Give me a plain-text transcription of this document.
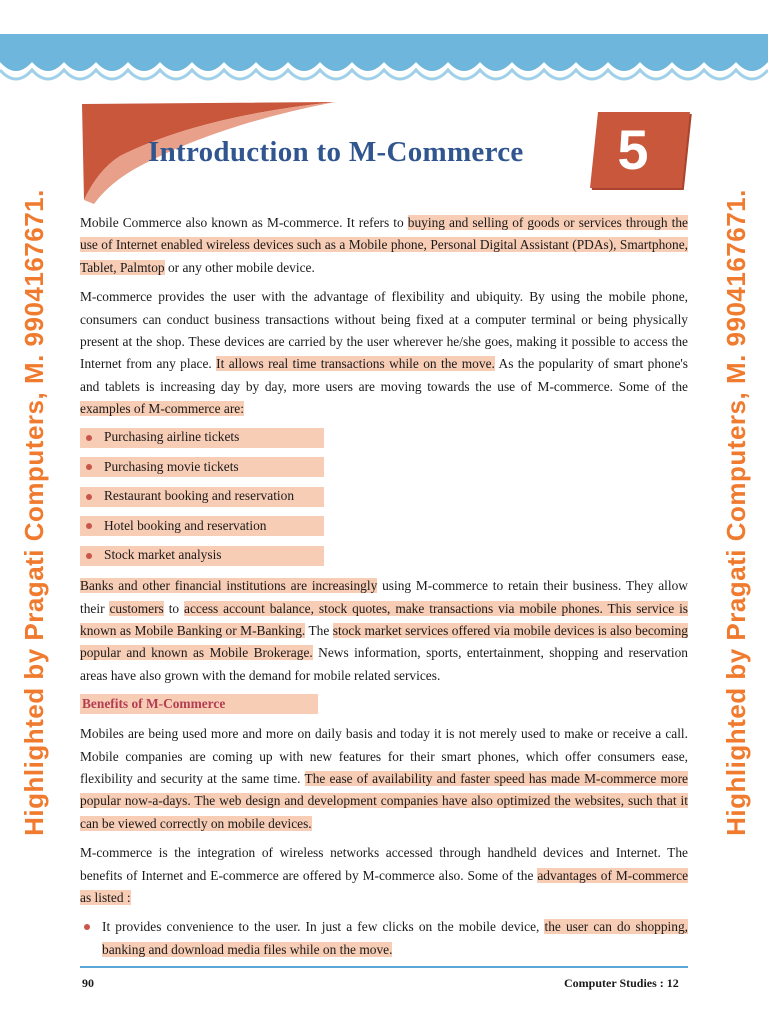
Highlighted by Pragati Computers, M. 9904167671.	Highlighted by Pragati Computers, M. 9904167671.
Introduction to M-Commerce	5

Mobile Commerce also known as M-commerce. It refers to buying and selling of goods or services through the use of Internet enabled wireless devices such as a Mobile phone, Personal Digital Assistant (PDAs), Smartphone, Tablet, Palmtop or any other mobile device.

M-commerce provides the user with the advantage of flexibility and ubiquity. By using the mobile phone, consumers can conduct business transactions without being fixed at a computer terminal or being physically present at the shop. These devices are carried by the user wherever he/she goes, making it possible to access the Internet from any place. It allows real time transactions while on the move. As the popularity of smart phone's and tablets is increasing day by day, more users are moving towards the use of M-commerce. Some of the examples of M-commerce are:

Purchasing airline tickets
Purchasing movie tickets
Restaurant booking and reservation
Hotel booking and reservation
Stock market analysis

Banks and other financial institutions are increasingly using M-commerce to retain their business. They allow their customers to access account balance, stock quotes, make transactions via mobile phones. This service is known as Mobile Banking or M-Banking. The stock market services offered via mobile devices is also becoming popular and known as Mobile Brokerage. News information, sports, entertainment, shopping and reservation areas have also grown with the demand for mobile related services.

Benefits of M-Commerce

Mobiles are being used more and more on daily basis and today it is not merely used to make or receive a call. Mobile companies are coming up with new features for their smart phones, which offer consumers ease, flexibility and security at the same time. The ease of availability and faster speed has made M-commerce more popular now-a-days. The web design and development companies have also optimized the websites, such that it can be viewed correctly on mobile devices.

M-commerce is the integration of wireless networks accessed through handheld devices and Internet. The benefits of Internet and E-commerce are offered by M-commerce also. Some of the advantages of M-commerce as listed :

It provides convenience to the user. In just a few clicks on the mobile device, the user can do shopping, banking and download media files while on the move.

90	Computer Studies : 12
